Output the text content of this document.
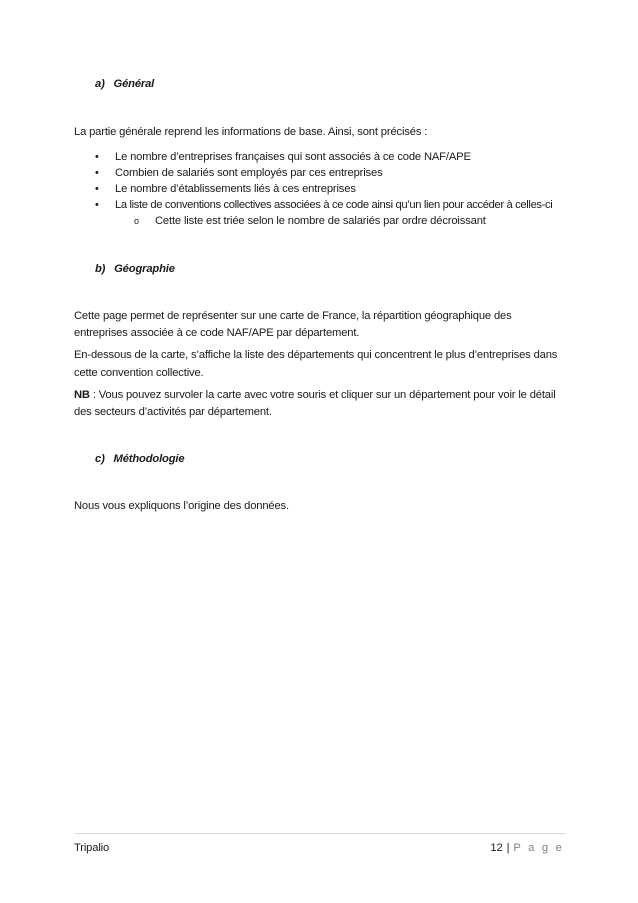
a)   Général
La partie générale reprend les informations de base. Ainsi, sont précisés :
• Le nombre d’entreprises françaises qui sont associés à ce code NAF/APE
• Combien de salariés sont employés par ces entreprises
• Le nombre d’établissements liés à ces entreprises
• La liste de conventions collectives associées à ce code ainsi qu’un lien pour accéder à celles-ci
o Cette liste est triée selon le nombre de salariés par ordre décroissant
b)   Géographie
Cette page permet de représenter sur une carte de France, la répartition géographique des
entreprises associée à ce code NAF/APE par département.
En-dessous de la carte, s’affiche la liste des départements qui concentrent le plus d’entreprises dans
cette convention collective.
NB : Vous pouvez survoler la carte avec votre souris et cliquer sur un département pour voir le détail
des secteurs d’activités par département.
c)   Méthodologie
Nous vous expliquons l’origine des données.
Tripalio	12 | P a g e
